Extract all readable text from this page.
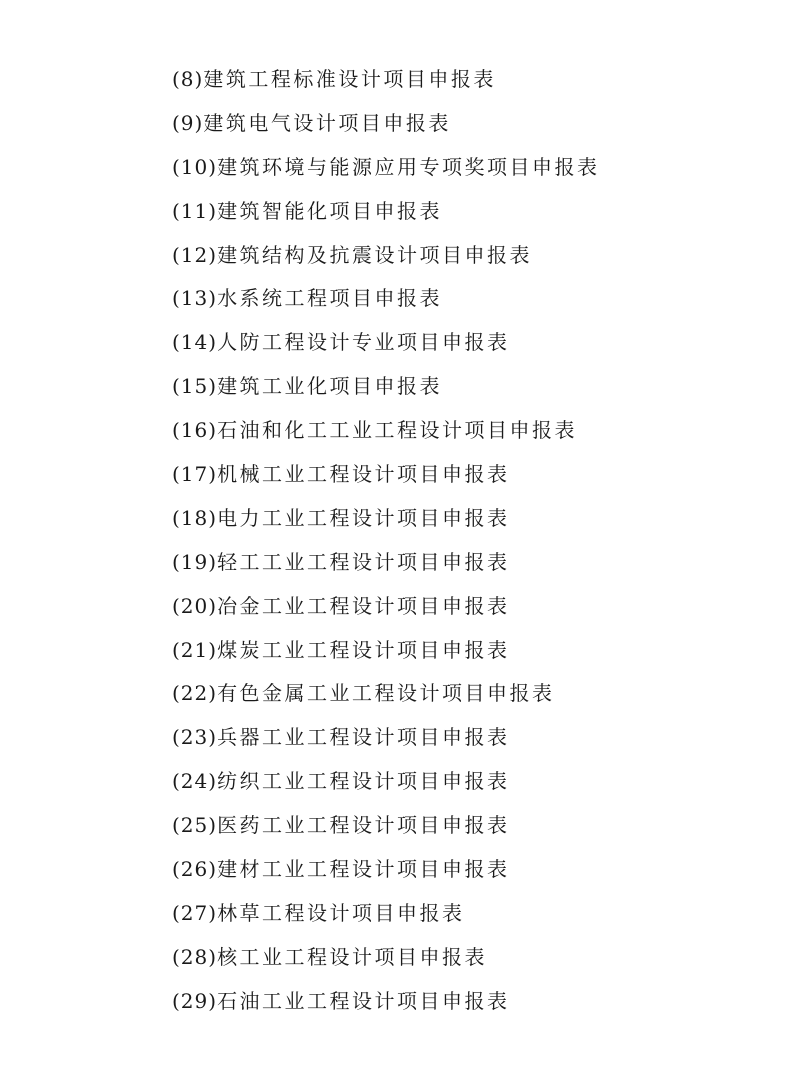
(8)建筑工程标准设计项目申报表
(9)建筑电气设计项目申报表
(10)建筑环境与能源应用专项奖项目申报表
(11)建筑智能化项目申报表
(12)建筑结构及抗震设计项目申报表
(13)水系统工程项目申报表
(14)人防工程设计专业项目申报表
(15)建筑工业化项目申报表
(16)石油和化工工业工程设计项目申报表
(17)机械工业工程设计项目申报表
(18)电力工业工程设计项目申报表
(19)轻工工业工程设计项目申报表
(20)冶金工业工程设计项目申报表
(21)煤炭工业工程设计项目申报表
(22)有色金属工业工程设计项目申报表
(23)兵器工业工程设计项目申报表
(24)纺织工业工程设计项目申报表
(25)医药工业工程设计项目申报表
(26)建材工业工程设计项目申报表
(27)林草工程设计项目申报表
(28)核工业工程设计项目申报表
(29)石油工业工程设计项目申报表
